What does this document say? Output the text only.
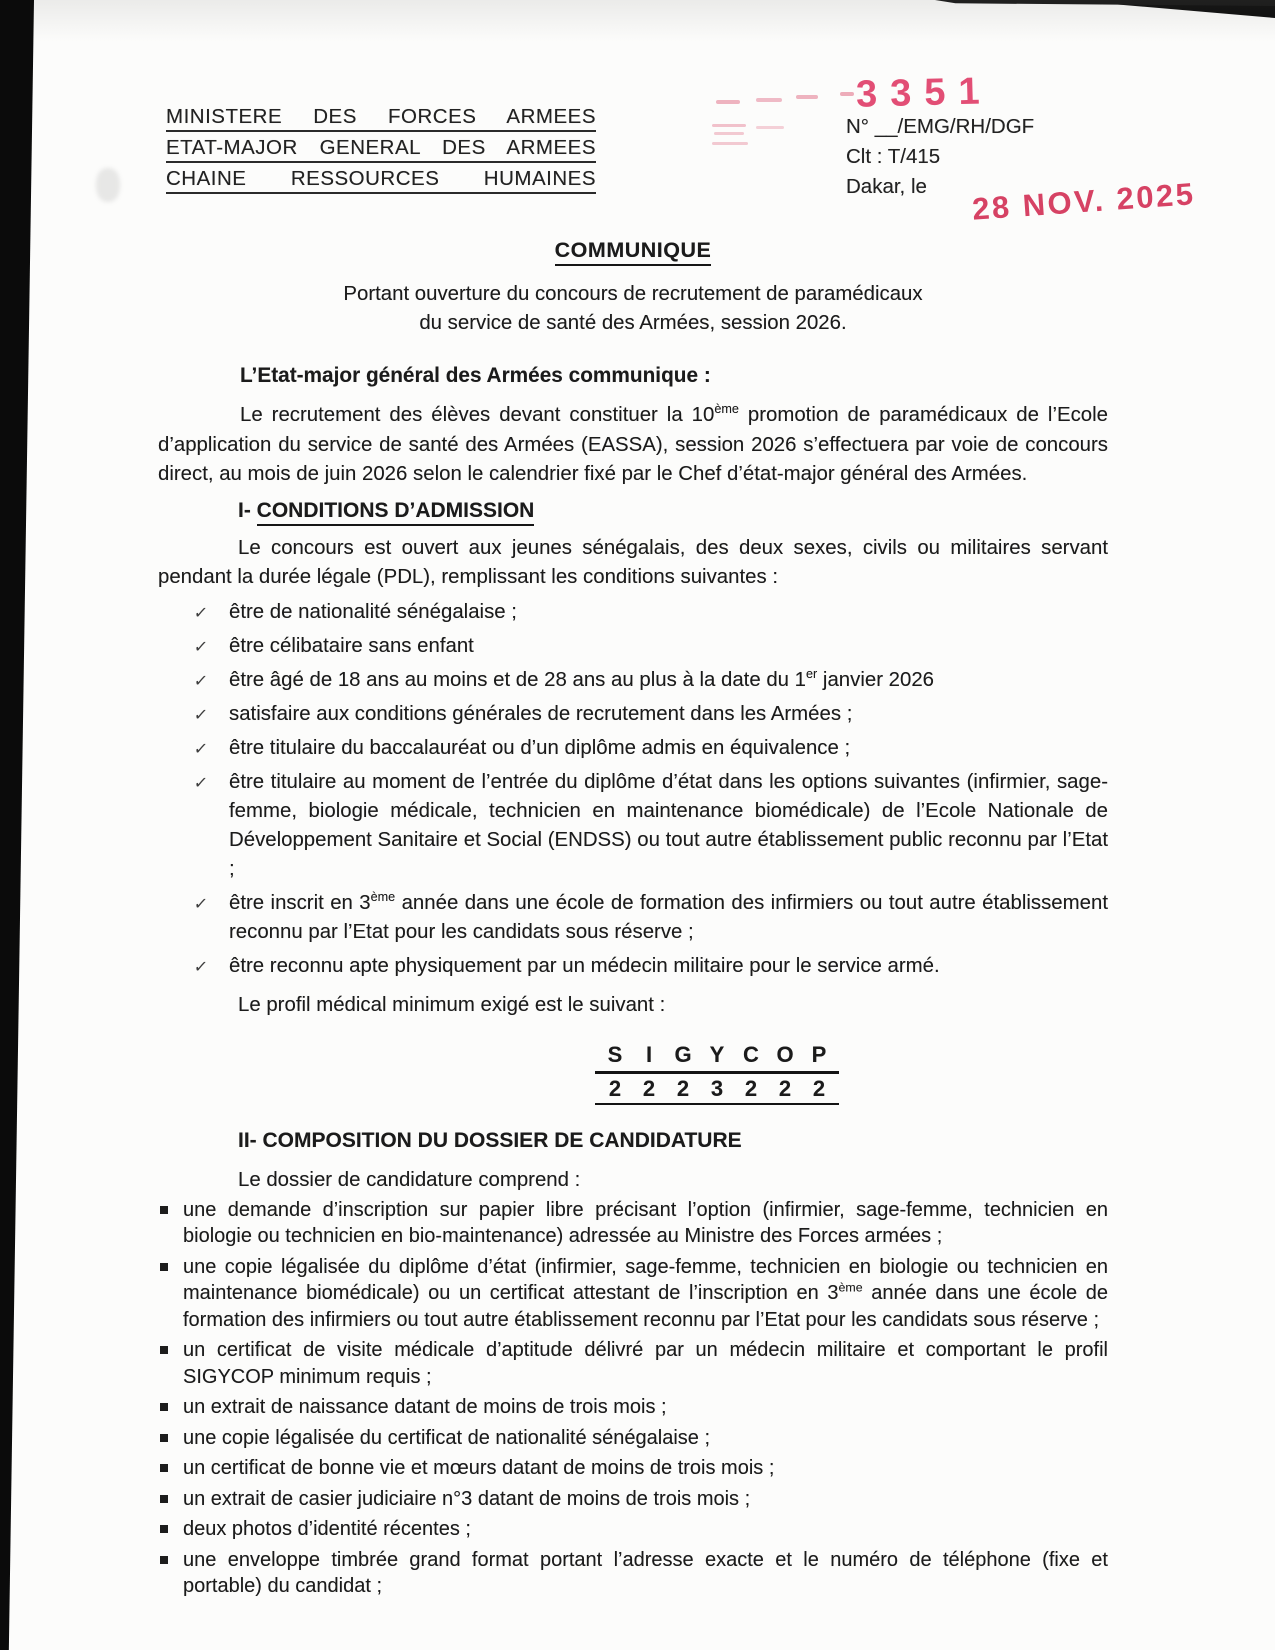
MINISTERE DES FORCES ARMEES
ETAT-MAJOR GENERAL DES ARMEES
CHAINE RESSOURCES HUMAINES
3351
N° __/EMG/RH/DGF
Clt : T/415
Dakar, le	28 NOV. 2025
COMMUNIQUE
Portant ouverture du concours de recrutement de paramédicaux
du service de santé des Armées, session 2026.
L’Etat-major général des Armées communique :
Le recrutement des élèves devant constituer la 10ème promotion de paramédicaux de l’Ecole d’application du service de santé des Armées (EASSA), session 2026 s’effectuera par voie de concours direct, au mois de juin 2026 selon le calendrier fixé par le Chef d’état-major général des Armées.
I- CONDITIONS D’ADMISSION
Le concours est ouvert aux jeunes sénégalais, des deux sexes, civils ou militaires servant pendant la durée légale (PDL), remplissant les conditions suivantes :
✓ être de nationalité sénégalaise ;
✓ être célibataire sans enfant
✓ être âgé de 18 ans au moins et de 28 ans au plus à la date du 1er janvier 2026
✓ satisfaire aux conditions générales de recrutement dans les Armées ;
✓ être titulaire du baccalauréat ou d’un diplôme admis en équivalence ;
✓ être titulaire au moment de l’entrée du diplôme d’état dans les options suivantes (infirmier, sage-femme, biologie médicale, technicien en maintenance biomédicale) de l’Ecole Nationale de Développement Sanitaire et Social (ENDSS) ou tout autre établissement public reconnu par l’Etat ;
✓ être inscrit en 3ème année dans une école de formation des infirmiers ou tout autre établissement reconnu par l’Etat pour les candidats sous réserve ;
✓ être reconnu apte physiquement par un médecin militaire pour le service armé.
Le profil médical minimum exigé est le suivant :
S	I	G Y C O P
2 2 2 3 2 2 2
II- COMPOSITION DU DOSSIER DE CANDIDATURE
Le dossier de candidature comprend :
une demande d’inscription sur papier libre précisant l’option (infirmier, sage-femme, technicien en biologie ou technicien en bio-maintenance) adressée au Ministre des Forces armées ;
une copie légalisée du diplôme d’état (infirmier, sage-femme, technicien en biologie ou technicien en maintenance biomédicale) ou un certificat attestant de l’inscription en 3ème année dans une école de formation des infirmiers ou tout autre établissement reconnu par l’Etat pour les candidats sous réserve ;
un certificat de visite médicale d’aptitude délivré par un médecin militaire et comportant le profil SIGYCOP minimum requis ;
un extrait de naissance datant de moins de trois mois ;
une copie légalisée du certificat de nationalité sénégalaise ;
un certificat de bonne vie et mœurs datant de moins de trois mois ;
un extrait de casier judiciaire n°3 datant de moins de trois mois ;
deux photos d’identité récentes ;
une enveloppe timbrée grand format portant l’adresse exacte et le numéro de téléphone (fixe et portable) du candidat ;
